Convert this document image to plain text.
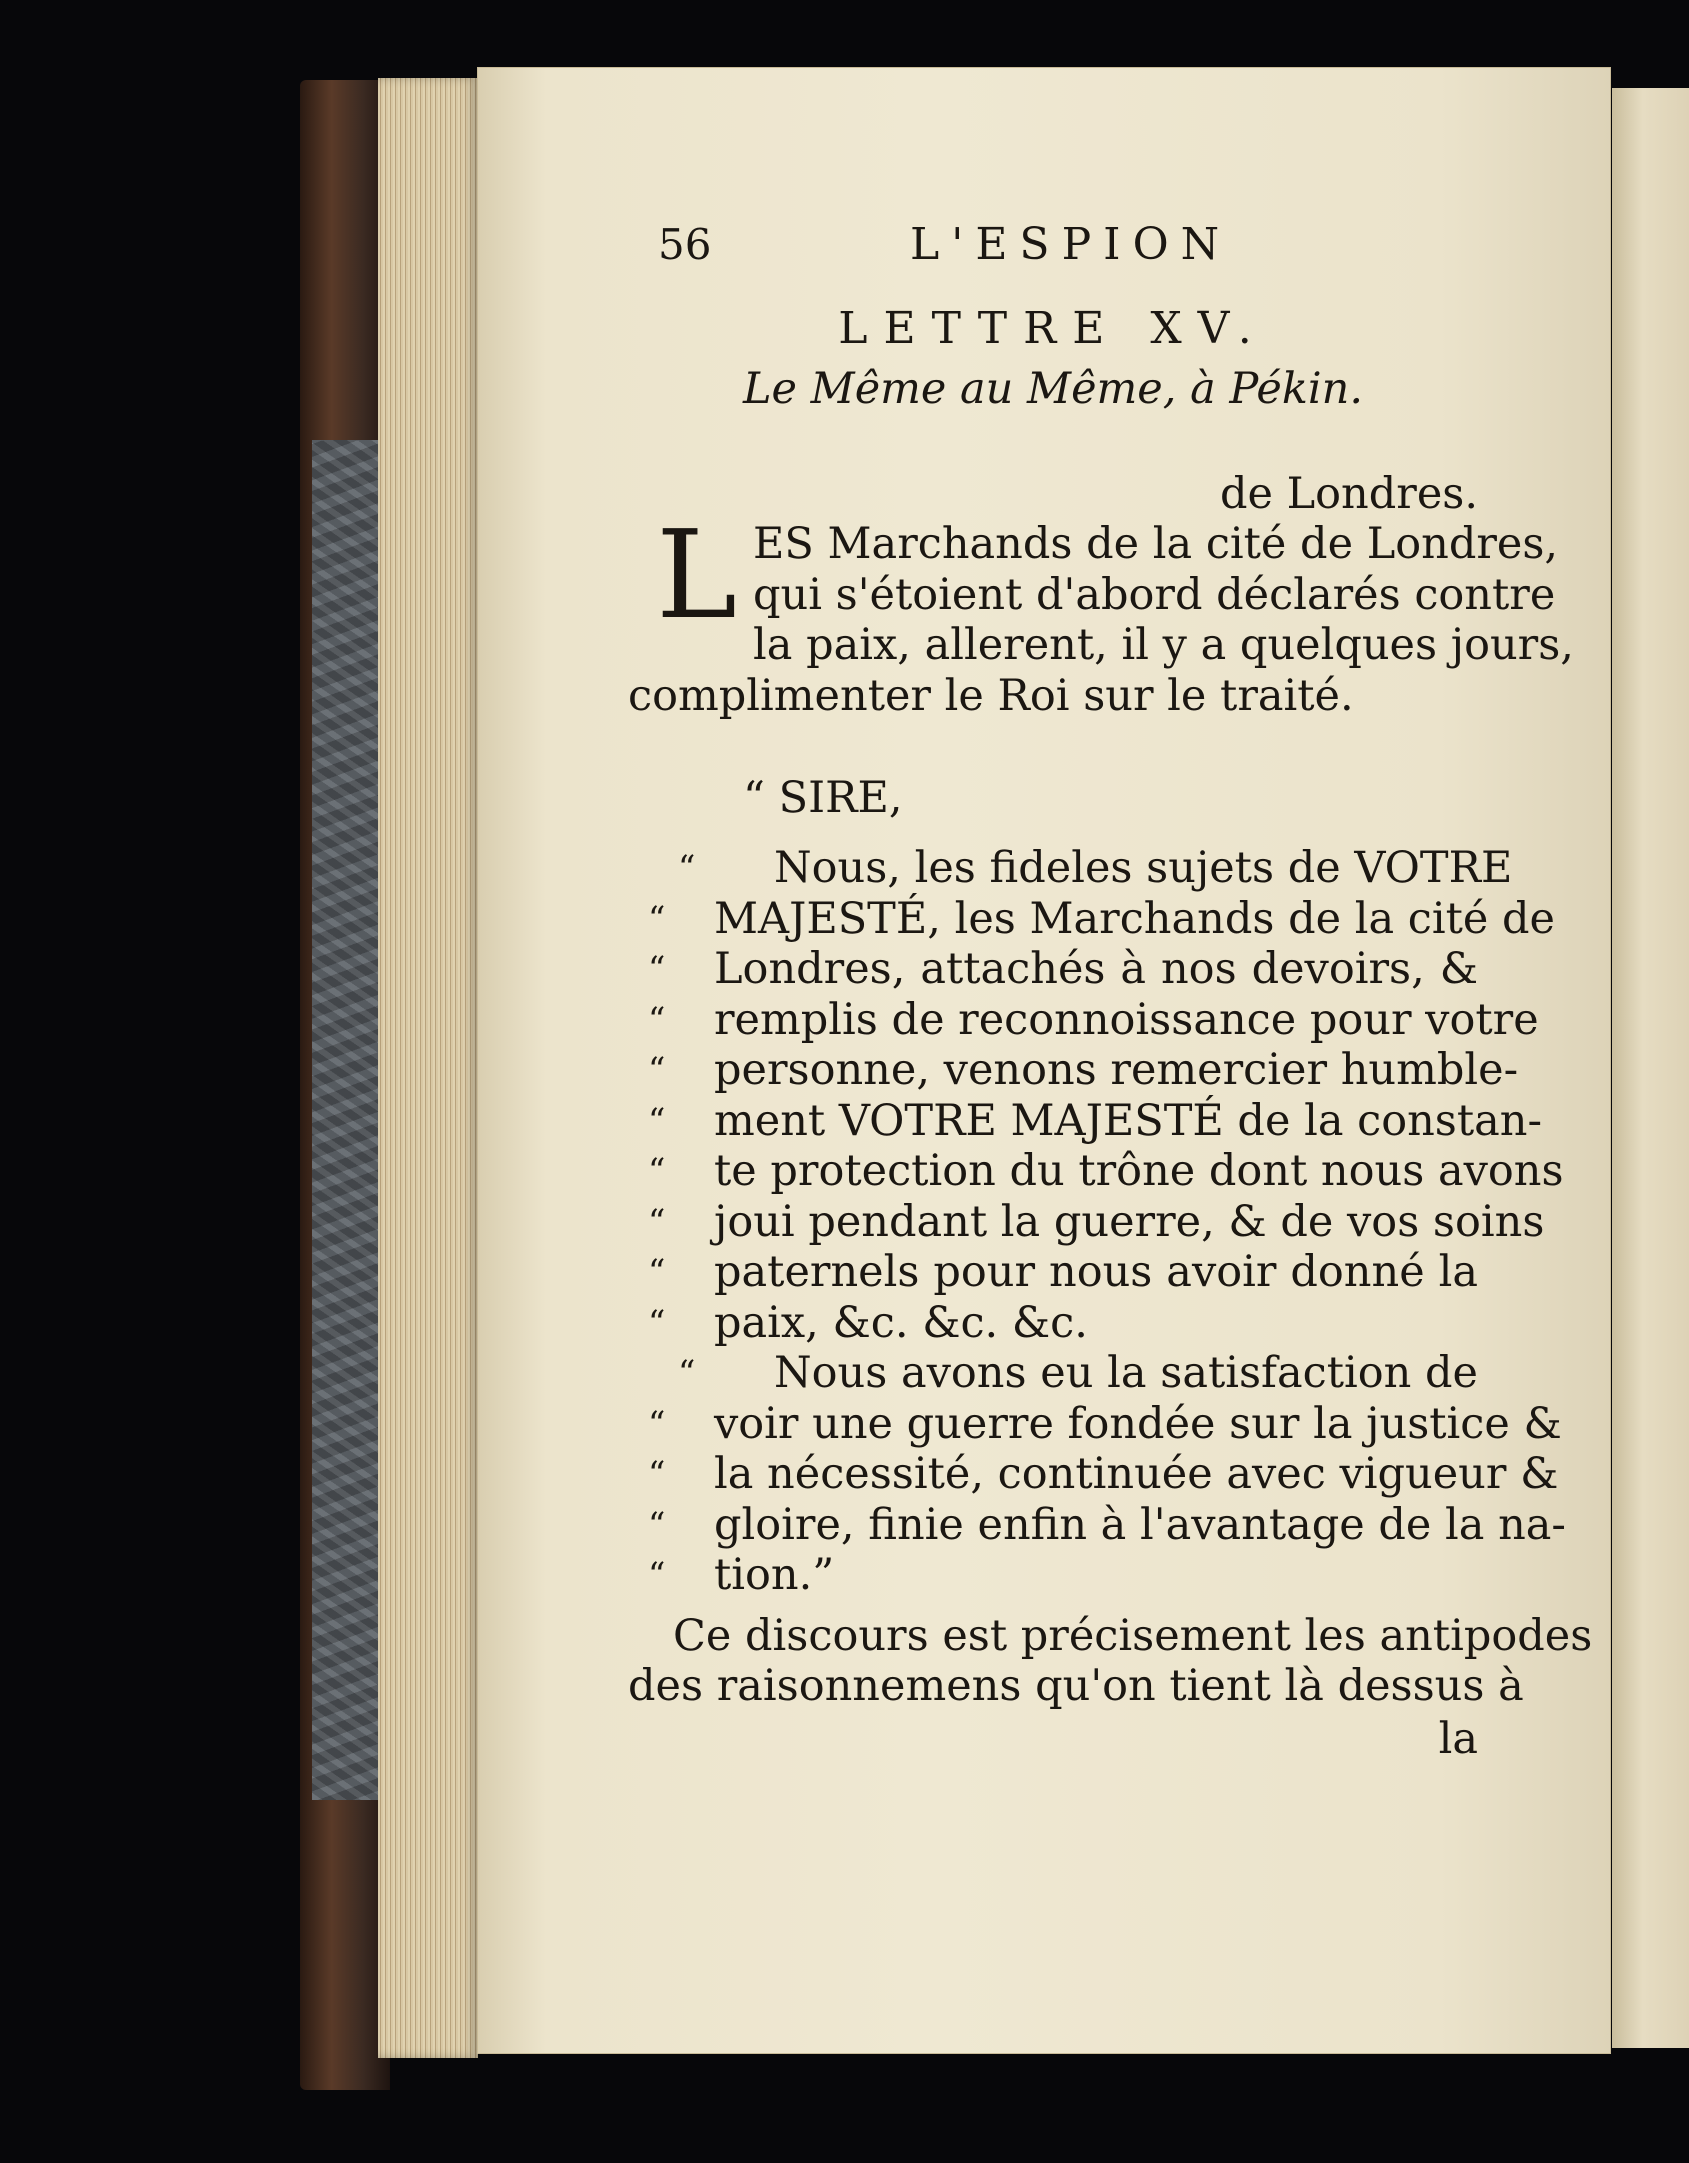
56	L'ESPION
LETTRE XV.
Le Même au Même, à Pékin.
de Londres.
L ES Marchands de la cité de Londres,
qui s'étoient d'abord déclarés contre
la paix, allerent, il y a quelques jours,
complimenter le Roi sur le traité.
“ SIRE,
“	Nous, les fideles sujets de VOTRE
“	MAJESTÉ, les Marchands de la cité de
“	Londres, attachés à nos devoirs, &
“	remplis de reconnoissance pour votre
“	personne, venons remercier humble-
“	ment VOTRE MAJESTÉ de la constan-
“	te protection du trône dont nous avons
“	joui pendant la guerre, & de vos soins
“	paternels pour nous avoir donné la
“	paix, &c. &c. &c.
“	Nous avons eu la satisfaction de
“	voir une guerre fondée sur la justice &
“	la nécessité, continuée avec vigueur &
“	gloire, finie enfin à l'avantage de la na-
“	tion.”
Ce discours est précisement les antipodes
des raisonnemens qu'on tient là dessus à
la
